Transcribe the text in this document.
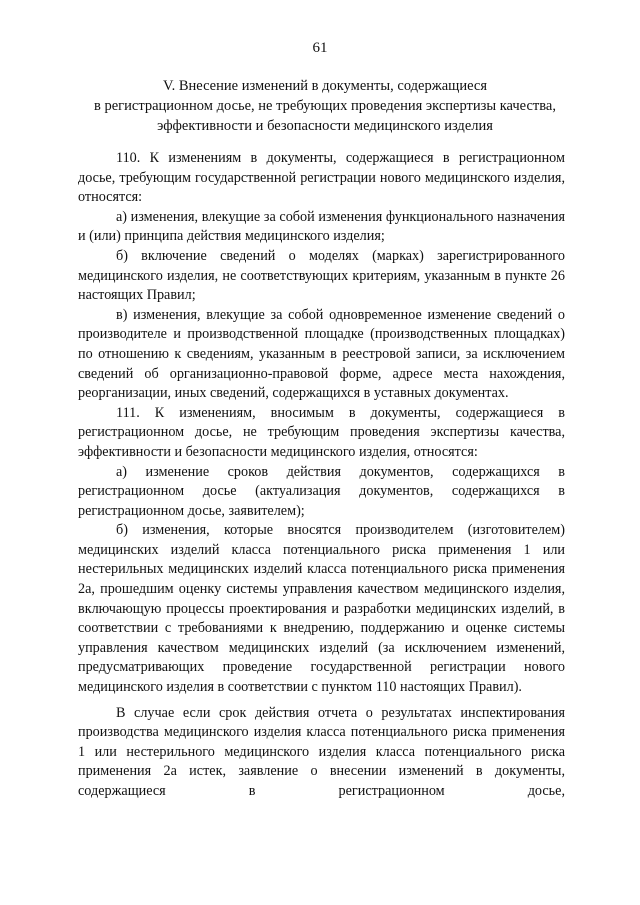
61
V. Внесение изменений в документы, содержащиеся
в регистрационном досье, не требующих проведения экспертизы качества,
эффективности и безопасности медицинского изделия

110. К изменениям в документы, содержащиеся в регистрационном досье, требующим государственной регистрации нового медицинского изделия, относятся:

а) изменения, влекущие за собой изменения функционального назначения и (или) принципа действия медицинского изделия;

б) включение сведений о моделях (марках) зарегистрированного медицинского изделия, не соответствующих критериям, указанным в пункте 26 настоящих Правил;

в) изменения, влекущие за собой одновременное изменение сведений о производителе и производственной площадке (производственных площадках) по отношению к сведениям, указанным в реестровой записи, за исключением сведений об организационно-правовой форме, адресе места нахождения, реорганизации, иных сведений, содержащихся в уставных документах.

111. К изменениям, вносимым в документы, содержащиеся в регистрационном досье, не требующим проведения экспертизы качества, эффективности и безопасности медицинского изделия, относятся:

а) изменение сроков действия документов, содержащихся в регистрационном досье (актуализация документов, содержащихся в регистрационном досье, заявителем);

б) изменения, которые вносятся производителем (изготовителем) медицинских изделий класса потенциального риска применения 1 или нестерильных медицинских изделий класса потенциального риска применения 2а, прошедшим оценку системы управления качеством медицинского изделия, включающую процессы проектирования и разработки медицинских изделий, в соответствии с требованиями к внедрению, поддержанию и оценке системы управления качеством медицинских изделий (за исключением изменений, предусматривающих проведение государственной регистрации нового медицинского изделия в соответствии с пунктом 110 настоящих Правил).

В случае если срок действия отчета о результатах инспектирования производства медицинского изделия класса потенциального риска применения 1 или нестерильного медицинского изделия класса потенциального риска применения 2а истек, заявление о внесении изменений в документы, содержащиеся в регистрационном досье,
